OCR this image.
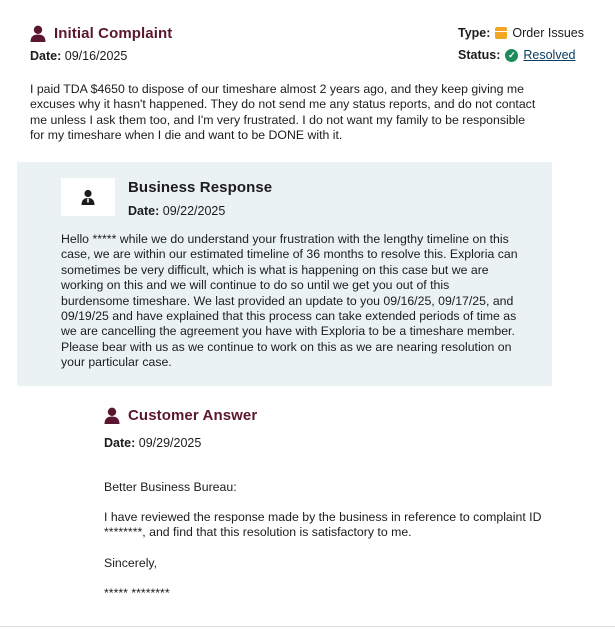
Initial Complaint
Date: 09/16/2025
Type: Order Issues
Status: ✓ Resolved
I paid TDA $4650 to dispose of our timeshare almost 2 years ago, and they keep giving me excuses why it hasn't happened. They do not send me any status reports, and do not contact me unless I ask them too, and I'm very frustrated. I do not want my family to be responsible for my timeshare when I die and want to be DONE with it.
Business Response
Date: 09/22/2025
Hello ***** while we do understand your frustration with the lengthy timeline on this case, we are within our estimated timeline of 36 months to resolve this. Exploria can sometimes be very difficult, which is what is happening on this case but we are working on this and we will continue to do so until we get you out of this burdensome timeshare. We last provided an update to you 09/16/25, 09/17/25, and 09/19/25 and have explained that this process can take extended periods of time as we are cancelling the agreement you have with Exploria to be a timeshare member. Please bear with us as we continue to work on this as we are nearing resolution on your particular case.
Customer Answer
Date: 09/29/2025
Better Business Bureau:
I have reviewed the response made by the business in reference to complaint ID ********, and find that this resolution is satisfactory to me.
Sincerely,
***** ********
